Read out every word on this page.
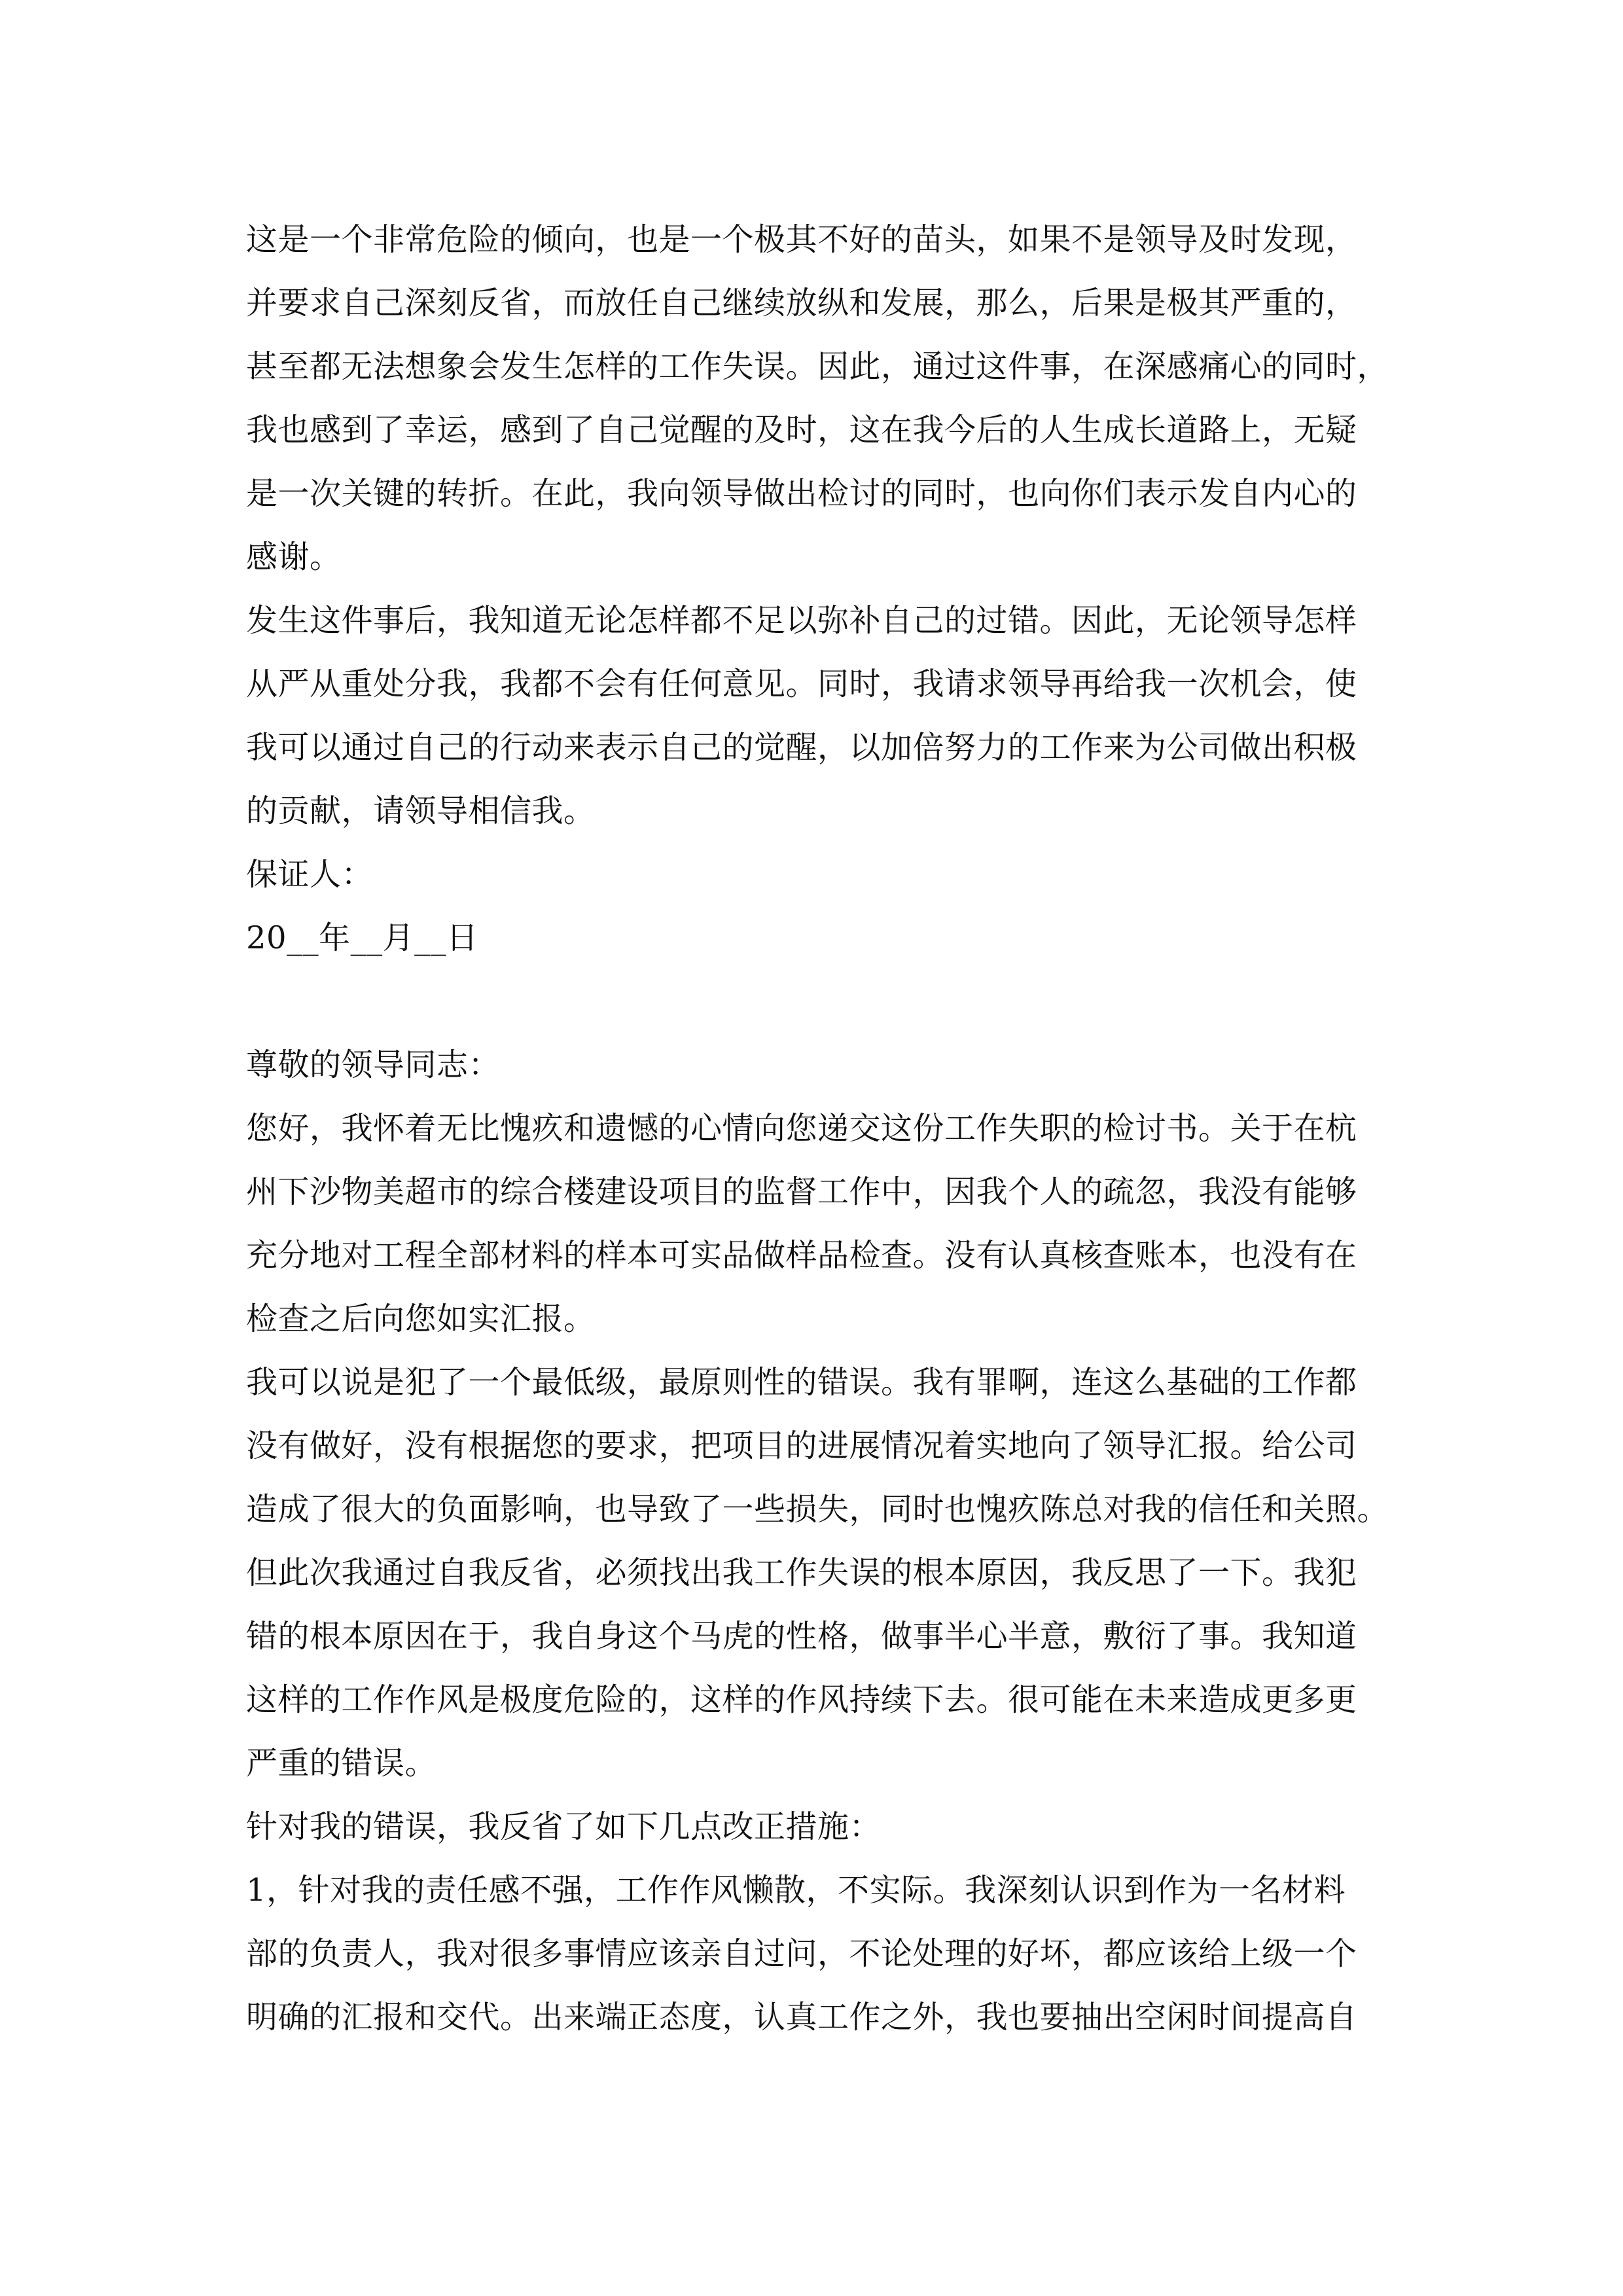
这是一个非常危险的倾向，也是一个极其不好的苗头，如果不是领导及时发现，
并要求自己深刻反省，而放任自己继续放纵和发展，那么，后果是极其严重的，
甚至都无法想象会发生怎样的工作失误。因此，通过这件事，在深感痛心的同时，
我也感到了幸运，感到了自己觉醒的及时，这在我今后的人生成长道路上，无疑
是一次关键的转折。在此，我向领导做出检讨的同时，也向你们表示发自内心的
感谢。
发生这件事后，我知道无论怎样都不足以弥补自己的过错。因此，无论领导怎样
从严从重处分我，我都不会有任何意见。同时，我请求领导再给我一次机会，使
我可以通过自己的行动来表示自己的觉醒，以加倍努力的工作来为公司做出积极
的贡献，请领导相信我。
保证人：
20__年__月__日
尊敬的领导同志：
您好，我怀着无比愧疚和遗憾的心情向您递交这份工作失职的检讨书。关于在杭
州下沙物美超市的综合楼建设项目的监督工作中，因我个人的疏忽，我没有能够
充分地对工程全部材料的样本可实品做样品检查。没有认真核查账本，也没有在
检查之后向您如实汇报。
我可以说是犯了一个最低级，最原则性的错误。我有罪啊，连这么基础的工作都
没有做好，没有根据您的要求，把项目的进展情况着实地向了领导汇报。给公司
造成了很大的负面影响，也导致了一些损失，同时也愧疚陈总对我的信任和关照。
但此次我通过自我反省，必须找出我工作失误的根本原因，我反思了一下。我犯
错的根本原因在于，我自身这个马虎的性格，做事半心半意，敷衍了事。我知道
这样的工作作风是极度危险的，这样的作风持续下去。很可能在未来造成更多更
严重的错误。
针对我的错误，我反省了如下几点改正措施：
1，针对我的责任感不强，工作作风懒散，不实际。我深刻认识到作为一名材料
部的负责人，我对很多事情应该亲自过问，不论处理的好坏，都应该给上级一个
明确的汇报和交代。出来端正态度，认真工作之外，我也要抽出空闲时间提高自
